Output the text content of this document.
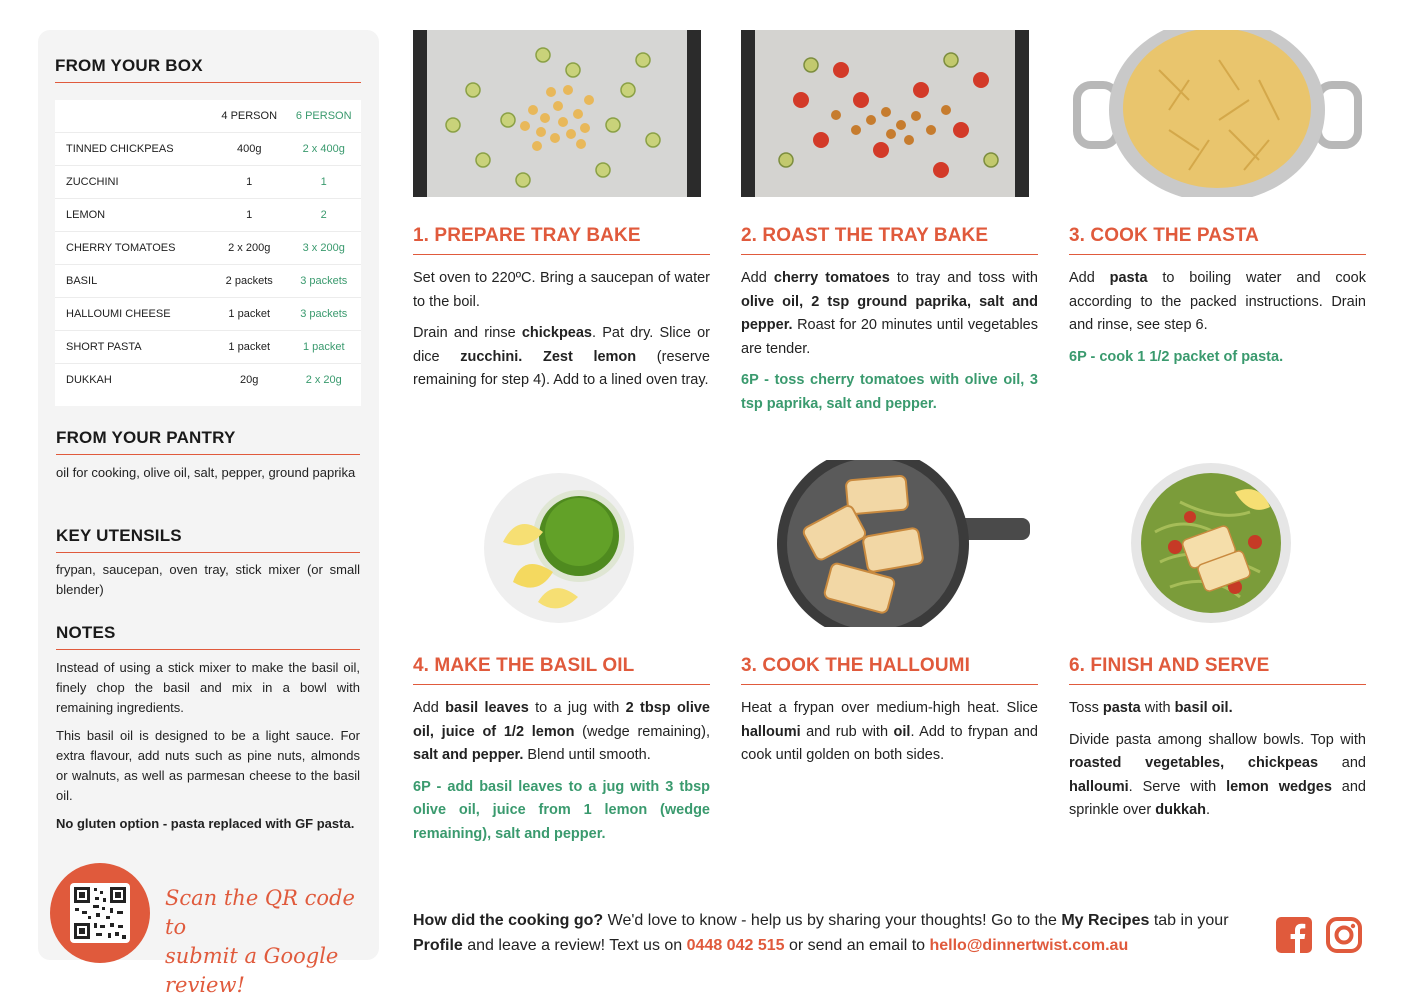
FROM YOUR BOX
	4 PERSON	6 PERSON
TINNED CHICKPEAS	400g	2 x 400g
ZUCCHINI	1	1
LEMON	1	2
CHERRY TOMATOES	2 x 200g	3 x 200g
BASIL	2 packets	3 packets
HALLOUMI CHEESE	1 packet	3 packets
SHORT PASTA	1 packet	1 packet
DUKKAH	20g	2 x 20g
FROM YOUR PANTRY
oil for cooking, olive oil, salt, pepper, ground paprika
KEY UTENSILS
frypan, saucepan, oven tray, stick mixer (or small blender)
NOTES

Instead of using a stick mixer to make the basil oil, finely chop the basil and mix in a bowl with remaining ingredients.

This basil oil is designed to be a light sauce. For extra flavour, add nuts such as pine nuts, almonds or walnuts, as well as parmesan cheese to the basil oil.

No gluten option - pasta replaced with GF pasta.

Scan the QR code to
submit a Google review!
1. PREPARE TRAY BAKE	2. ROAST THE TRAY BAKE	3. COOK THE PASTA
4. MAKE THE BASIL OIL	3. COOK THE HALLOUMI	6. FINISH AND SERVE

Set oven to 220ºC. Bring a saucepan of water to the boil.

Drain and rinse chickpeas. Pat dry. Slice or dice zucchini. Zest lemon (reserve remaining for step 4). Add to a lined oven tray.

Add cherry tomatoes to tray and toss with olive oil, 2 tsp ground paprika, salt and pepper. Roast for 20 minutes until vegetables are tender.

6P - toss cherry tomatoes with olive oil, 3 tsp paprika, salt and pepper.

Add pasta to boiling water and cook according to the packed instructions. Drain and rinse, see step 6.

6P - cook 1 1/2 packet of pasta.

Add basil leaves to a jug with 2 tbsp olive oil, juice of 1/2 lemon (wedge remaining), salt and pepper. Blend until smooth.

6P - add basil leaves to a jug with 3 tbsp olive oil, juice from 1 lemon (wedge remaining), salt and pepper.

Heat a frypan over medium-high heat. Slice halloumi and rub with oil. Add to frypan and cook until golden on both sides.

Toss pasta with basil oil.

Divide pasta among shallow bowls. Top with roasted vegetables, chickpeas and halloumi. Serve with lemon wedges and sprinkle over dukkah.

How did the cooking go? We'd love to know - help us by sharing your thoughts! Go to the My Recipes tab in your Profile and leave a review! Text us on 0448 042 515 or send an email to hello@dinnertwist.com.au
